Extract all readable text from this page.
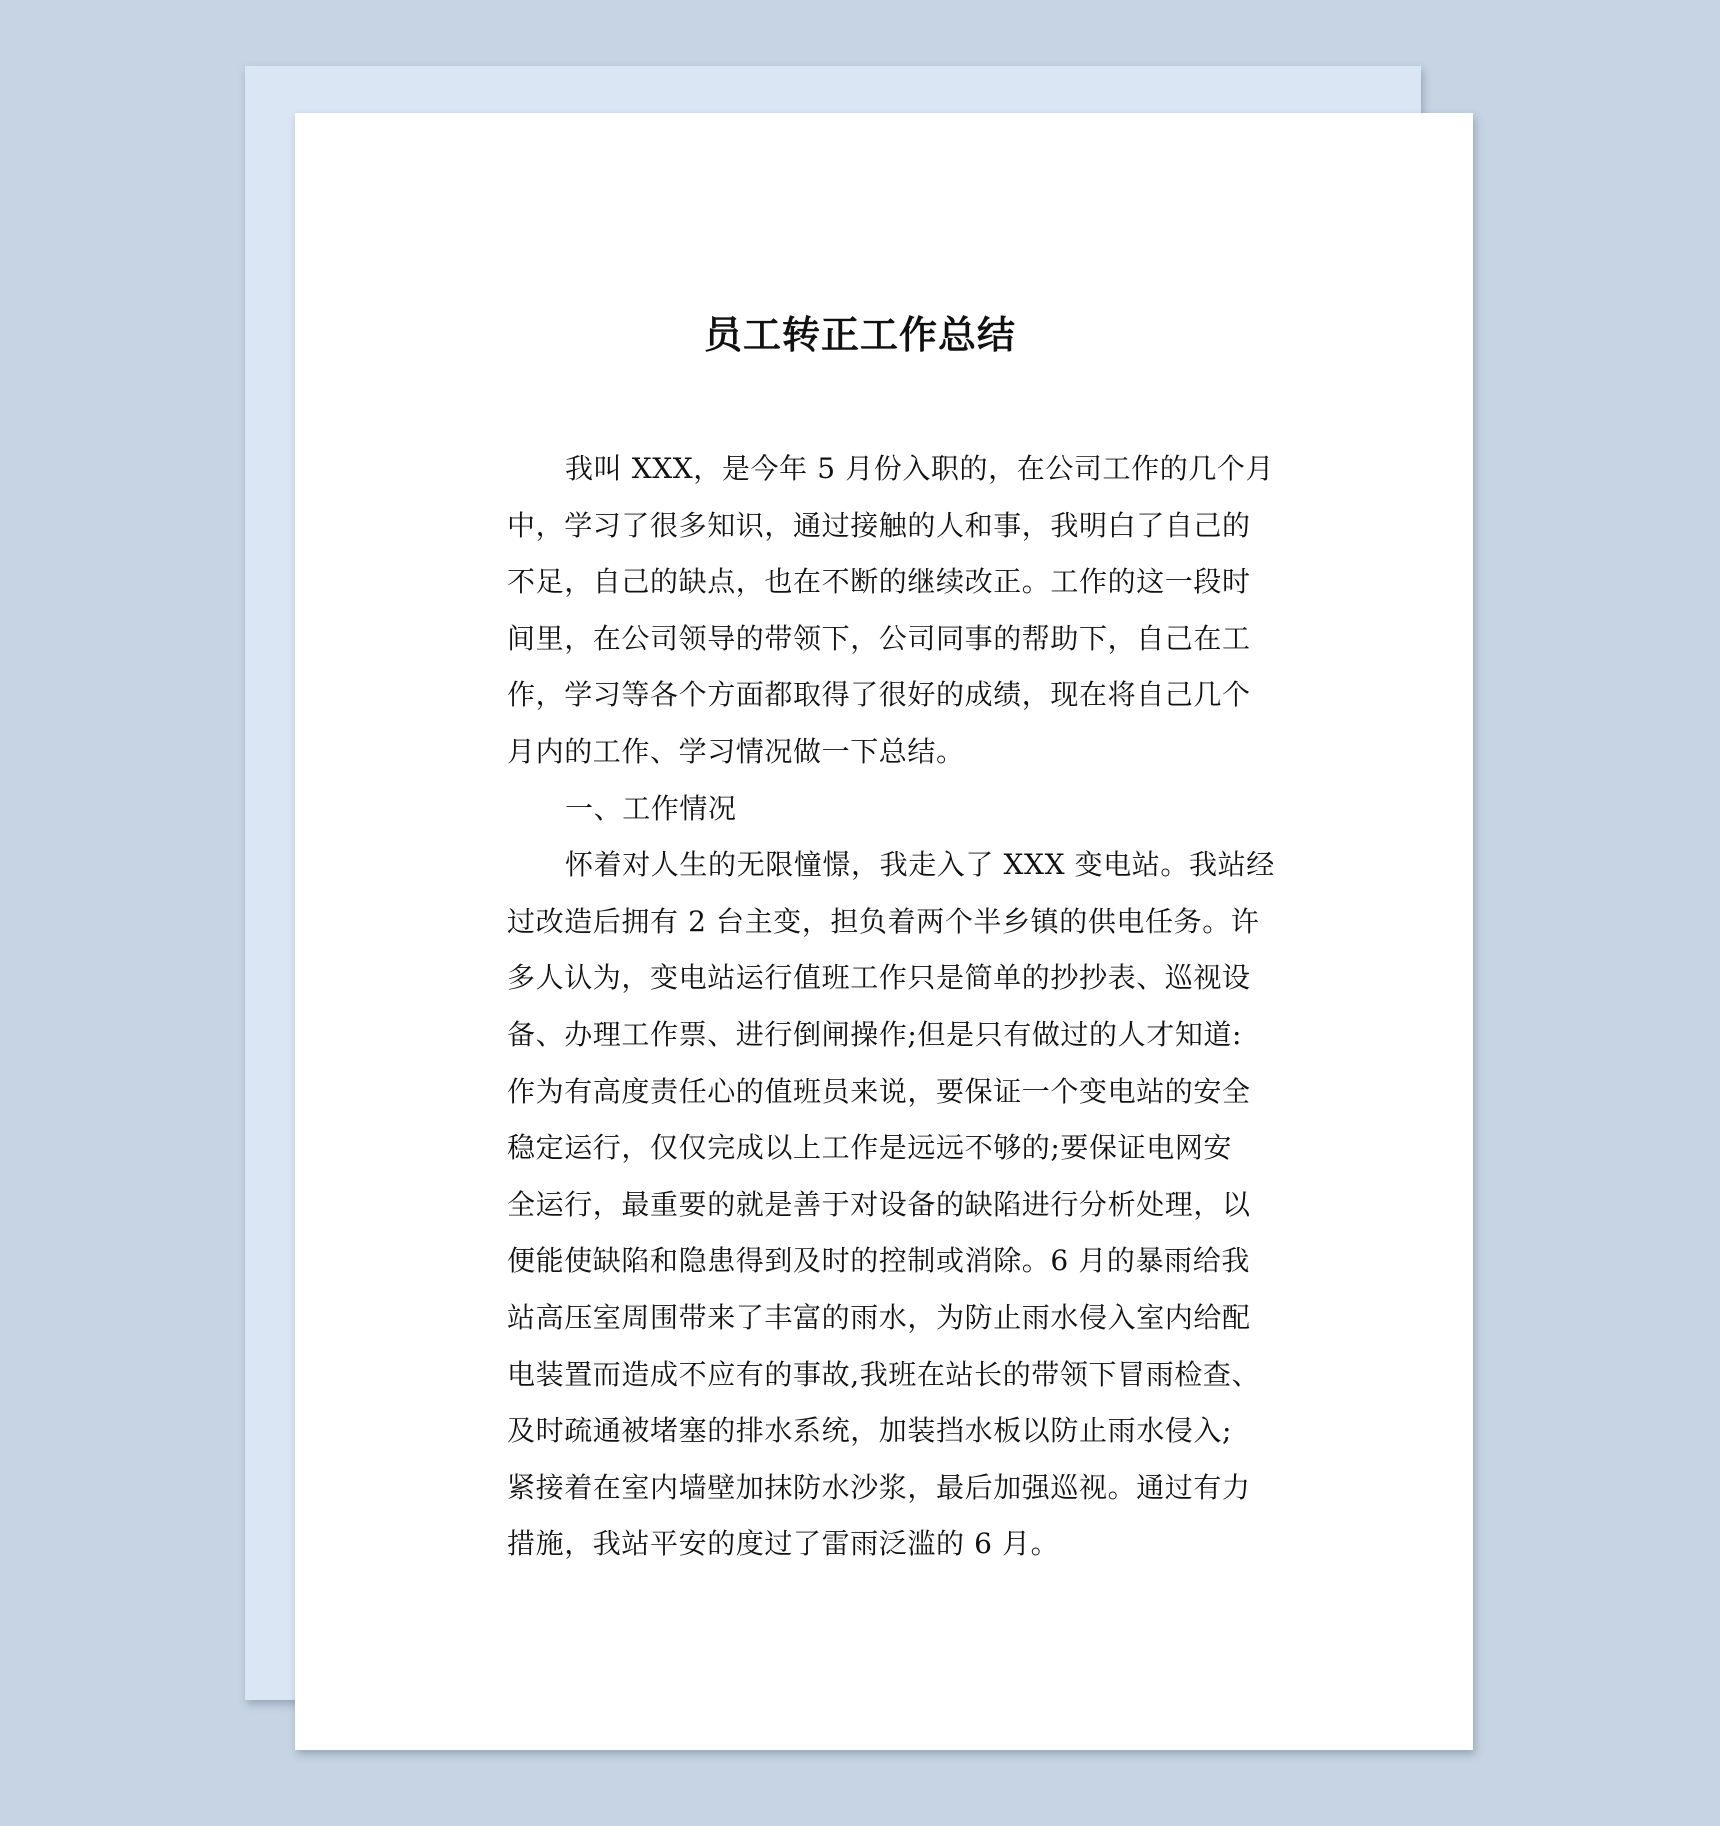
员工转正工作总结
我叫 XXX，是今年 5 月份入职的，在公司工作的几个月
中，学习了很多知识，通过接触的人和事，我明白了自己的
不足，自己的缺点，也在不断的继续改正。工作的这一段时
间里，在公司领导的带领下，公司同事的帮助下，自己在工
作，学习等各个方面都取得了很好的成绩，现在将自己几个
月内的工作、学习情况做一下总结。
一、工作情况
怀着对人生的无限憧憬，我走入了 XXX 变电站。我站经
过改造后拥有 2 台主变，担负着两个半乡镇的供电任务。许
多人认为，变电站运行值班工作只是简单的抄抄表、巡视设
备、办理工作票、进行倒闸操作;但是只有做过的人才知道:
作为有高度责任心的值班员来说，要保证一个变电站的安全
稳定运行，仅仅完成以上工作是远远不够的;要保证电网安
全运行，最重要的就是善于对设备的缺陷进行分析处理，以
便能使缺陷和隐患得到及时的控制或消除。6 月的暴雨给我
站高压室周围带来了丰富的雨水，为防止雨水侵入室内给配
电装置而造成不应有的事故,我班在站长的带领下冒雨检查、
及时疏通被堵塞的排水系统，加装挡水板以防止雨水侵入;
紧接着在室内墙壁加抹防水沙浆，最后加强巡视。通过有力
措施，我站平安的度过了雷雨泛滥的 6 月。
